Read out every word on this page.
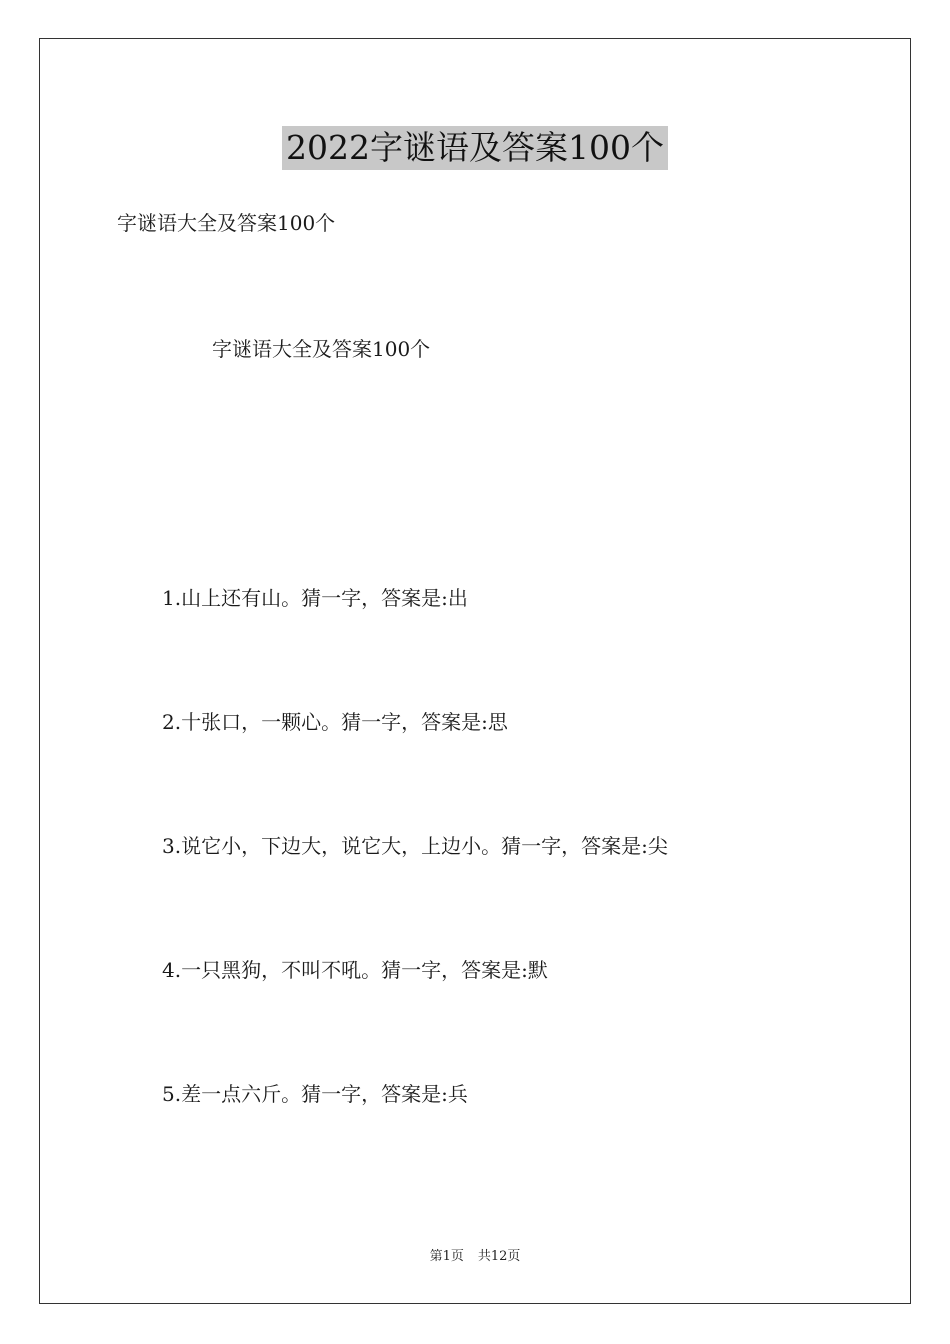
2022字谜语及答案100个
字谜语大全及答案100个
字谜语大全及答案100个
1.山上还有山。猜一字，答案是:出
2.十张口，一颗心。猜一字，答案是:思
3.说它小，下边大，说它大，上边小。猜一字，答案是:尖
4.一只黑狗，不叫不吼。猜一字，答案是:默
5.差一点六斤。猜一字，答案是:兵
第1页 共12页
